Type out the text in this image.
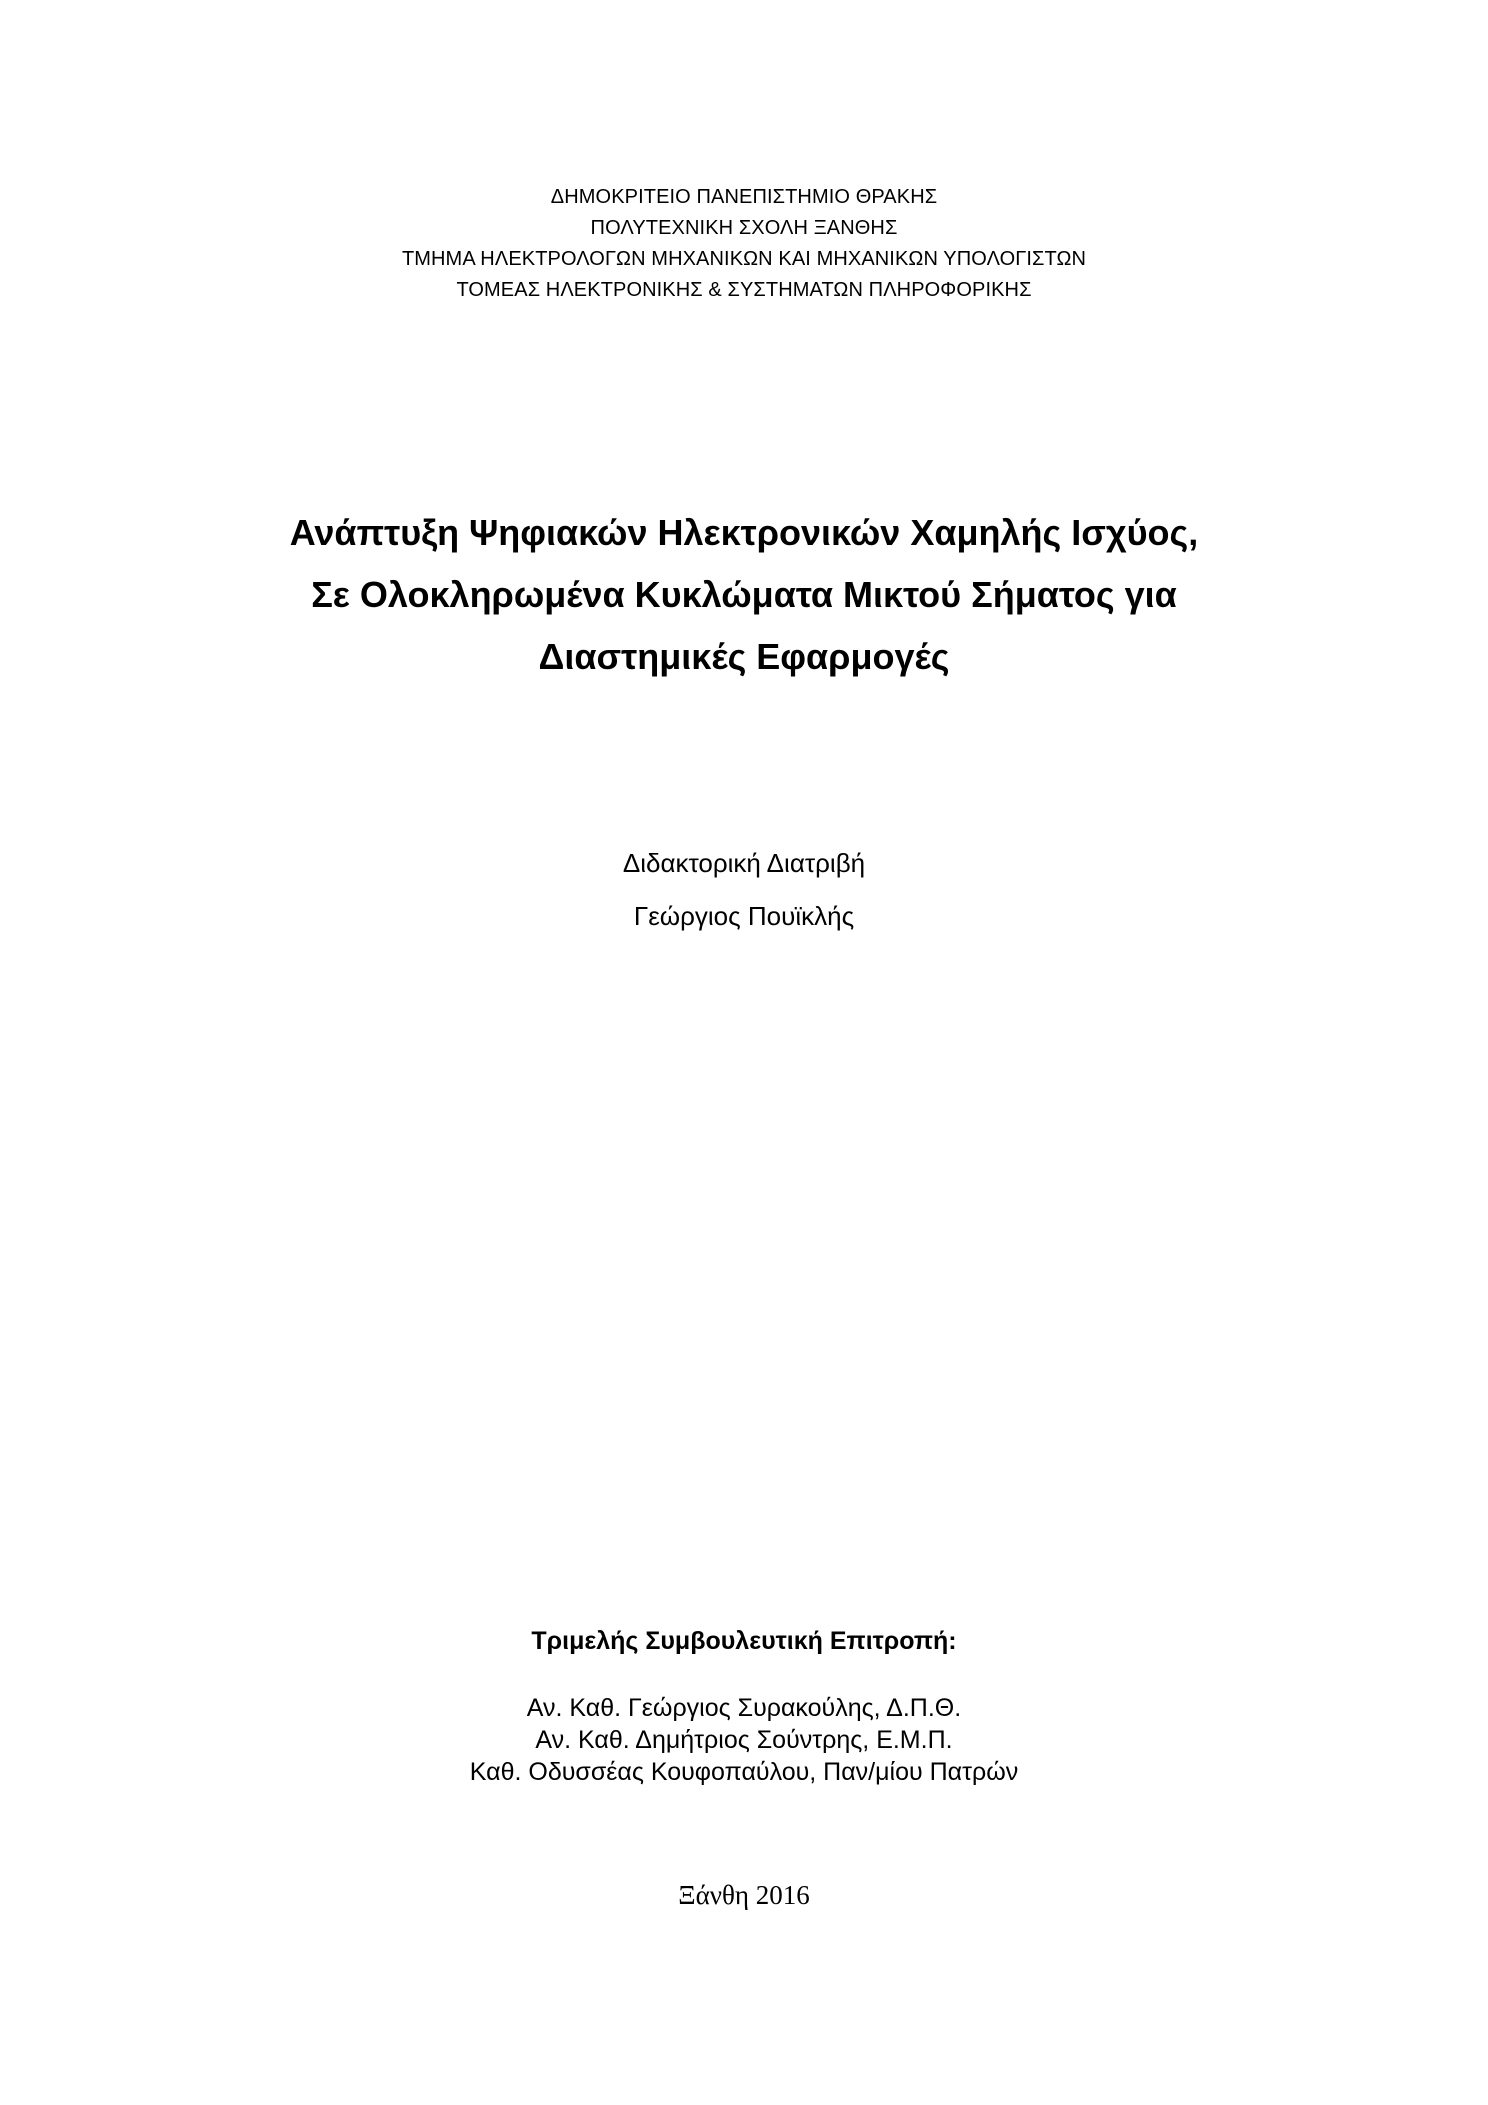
ΔΗΜΟΚΡΙΤΕΙΟ ΠΑΝΕΠΙΣΤΗΜΙΟ ΘΡΑΚΗΣ
ΠΟΛΥΤΕΧΝΙΚΗ ΣΧΟΛΗ ΞΑΝΘΗΣ
ΤΜΗΜΑ ΗΛΕΚΤΡΟΛΟΓΩΝ ΜΗΧΑΝΙΚΩΝ ΚΑΙ ΜΗΧΑΝΙΚΩΝ ΥΠΟΛΟΓΙΣΤΩΝ
ΤΟΜΕΑΣ ΗΛΕΚΤΡΟΝΙΚΗΣ & ΣΥΣΤΗΜΑΤΩΝ ΠΛΗΡΟΦΟΡΙΚΗΣ
Ανάπτυξη Ψηφιακών Ηλεκτρονικών Χαμηλής Ισχύος,
Σε Ολοκληρωμένα Κυκλώματα Μικτού Σήματος για
Διαστημικές Εφαρμογές
Διδακτορική Διατριβή
Γεώργιος Πουϊκλής
Τριμελής Συμβουλευτική Επιτροπή:
Αν. Καθ. Γεώργιος Συρακούλης, Δ.Π.Θ.
Αν. Καθ. Δημήτριος Σούντρης, Ε.Μ.Π.
Καθ. Οδυσσέας Κουφοπαύλου, Παν/μίου Πατρών
Ξάνθη 2016
